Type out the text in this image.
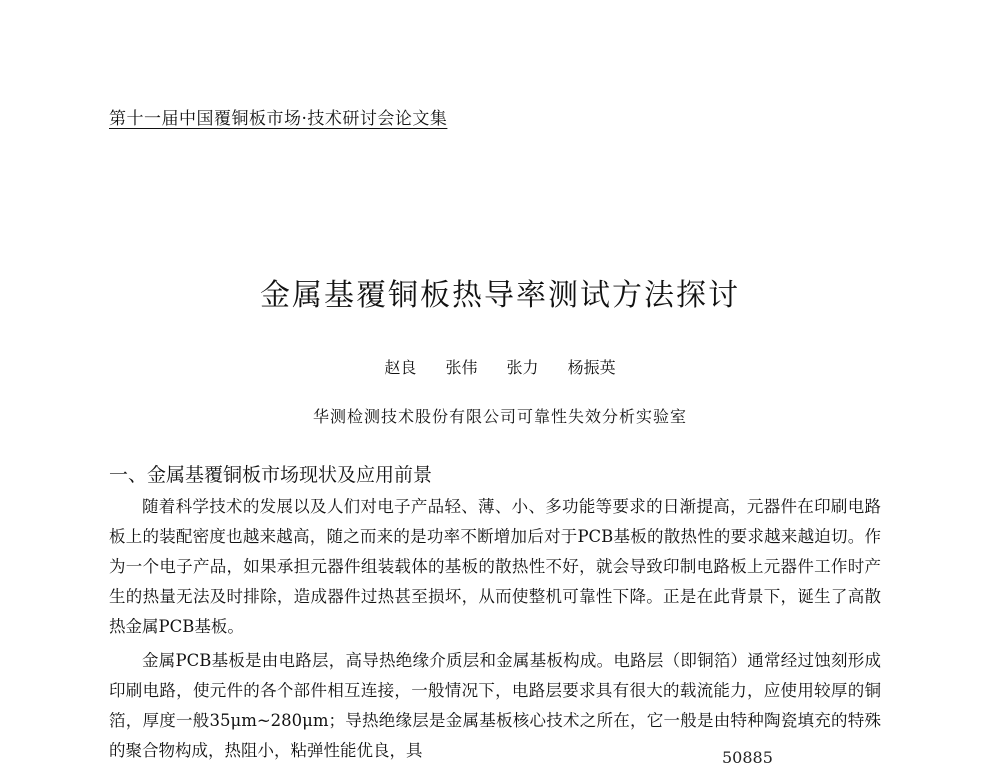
第十一届中国覆铜板市场·技术研讨会论文集
金属基覆铜板热导率测试方法探讨
赵良 张伟 张力 杨振英
华测检测技术股份有限公司可靠性失效分析实验室
一、金属基覆铜板市场现状及应用前景

随着科学技术的发展以及人们对电子产品轻、薄、小、多功能等要求的日渐提高，元器件在印刷电路板上的装配密度也越来越高，随之而来的是功率不断增加后对于PCB基板的散热性的要求越来越迫切。作为一个电子产品，如果承担元器件组装载体的基板的散热性不好，就会导致印制电路板上元器件工作时产生的热量无法及时排除，造成器件过热甚至损坏，从而使整机可靠性下降。正是在此背景下，诞生了高散热金属PCB基板。

金属PCB基板是由电路层，高导热绝缘介质层和金属基板构成。电路层（即铜箔）通常经过蚀刻形成印刷电路，使元件的各个部件相互连接，一般情况下，电路层要求具有很大的载流能力，应使用较厚的铜箔，厚度一般35μm~280μm；导热绝缘层是金属基板核心技术之所在，它一般是由特种陶瓷填充的特殊的聚合物构成，热阻小，粘弹性能优良，具	50885
